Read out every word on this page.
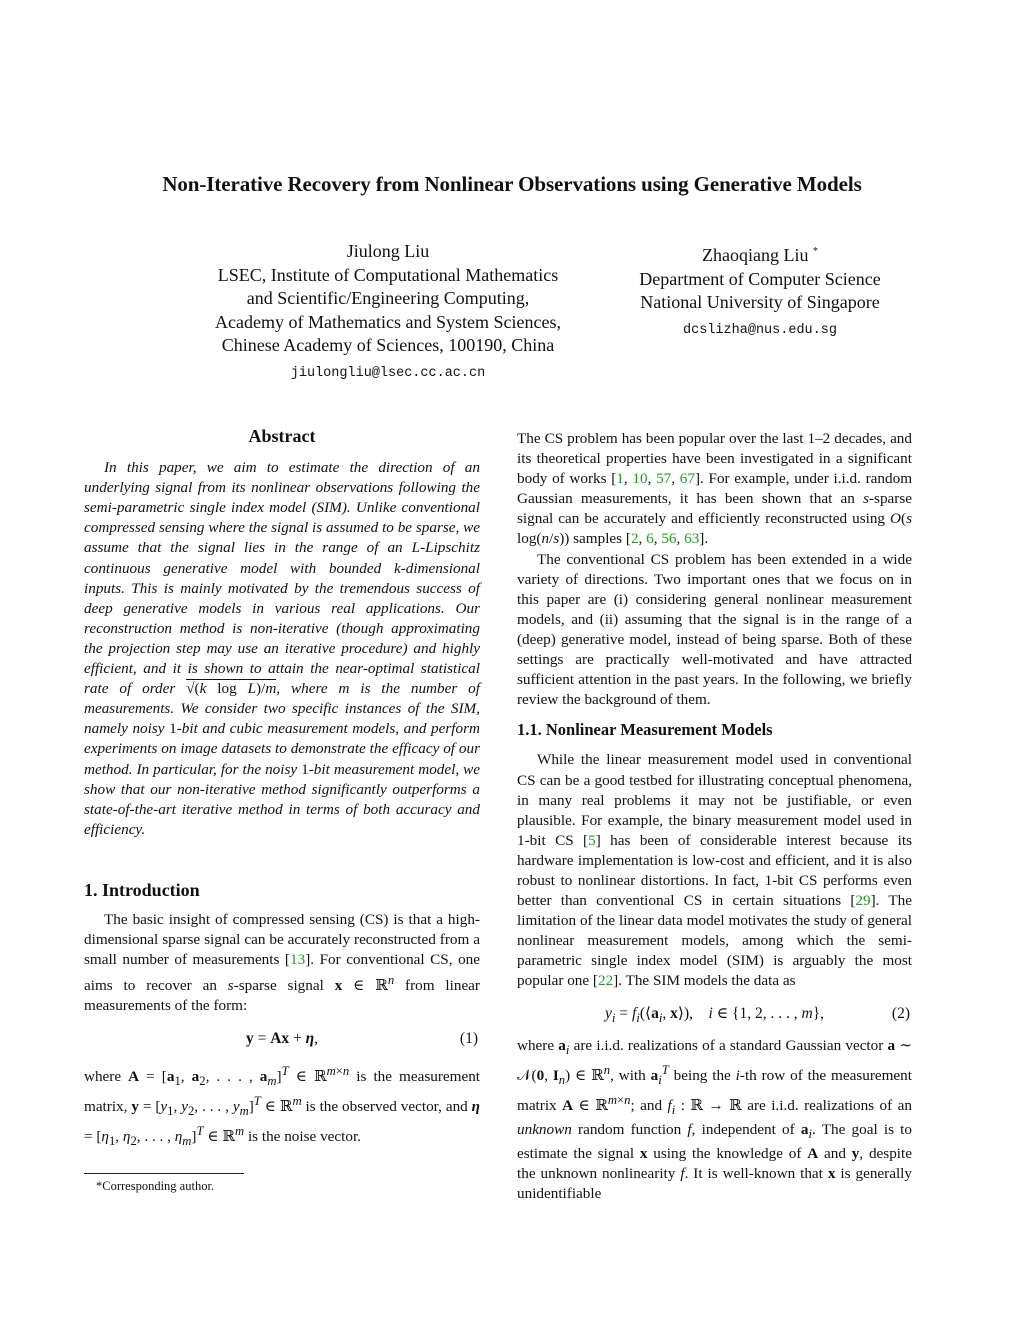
Non-Iterative Recovery from Nonlinear Observations using Generative Models
Jiulong Liu
LSEC, Institute of Computational Mathematics
and Scientific/Engineering Computing,
Academy of Mathematics and System Sciences,
Chinese Academy of Sciences, 100190, China
jiulongliu@lsec.cc.ac.cn
Zhaoqiang Liu *
Department of Computer Science
National University of Singapore
dcslizha@nus.edu.sg
Abstract

In this paper, we aim to estimate the direction of an underlying signal from its nonlinear observations following the semi-parametric single index model (SIM). Unlike conventional compressed sensing where the signal is assumed to be sparse, we assume that the signal lies in the range of an L-Lipschitz continuous generative model with bounded k-dimensional inputs. This is mainly motivated by the tremendous success of deep generative models in various real applications. Our reconstruction method is non-iterative (though approximating the projection step may use an iterative procedure) and highly efficient, and it is shown to attain the near-optimal statistical rate of order √(k log L)/m, where m is the number of measurements. We consider two specific instances of the SIM, namely noisy 1-bit and cubic measurement models, and perform experiments on image datasets to demonstrate the efficacy of our method. In particular, for the noisy 1-bit measurement model, we show that our non-iterative method significantly outperforms a state-of-the-art iterative method in terms of both accuracy and efficiency.

1. Introduction

The basic insight of compressed sensing (CS) is that a high-dimensional sparse signal can be accurately reconstructed from a small number of measurements [13]. For conventional CS, one aims to recover an s-sparse signal x ∈ ℝ$^n$ from linear measurements of the form:

y = Ax + η,	(1)

where $A = [a_1$, $a_2$, . . . , $a_m]^T$ ∈ ℝ$^{m\times n}$ is the measurement matrix, $y = [y_1$, $y_2$, . . . , $y_m]^T$ ∈ ℝ$^m$ is the observed vector, and $\eta = [\eta_1$, $\eta_2$, . . . , $\eta_m]^T$ ∈ ℝ$^m$ is the noise vector.

*Corresponding author.

The CS problem has been popular over the last 1–2 decades, and its theoretical properties have been investigated in a significant body of works [1, 10, 57, 67]. For example, under i.i.d. random Gaussian measurements, it has been shown that an s-sparse signal can be accurately and efficiently reconstructed using O(s log(n/s)) samples [2, 6, 56, 63].

The conventional CS problem has been extended in a wide variety of directions. Two important ones that we focus on in this paper are (i) considering general nonlinear measurement models, and (ii) assuming that the signal is in the range of a (deep) generative model, instead of being sparse. Both of these settings are practically well-motivated and have attracted sufficient attention in the past years. In the following, we briefly review the background of them.

1.1. Nonlinear Measurement Models

While the linear measurement model used in conventional CS can be a good testbed for illustrating conceptual phenomena, in many real problems it may not be justifiable, or even plausible. For example, the binary measurement model used in 1-bit CS [5] has been of considerable interest because its hardware implementation is low-cost and efficient, and it is also robust to nonlinear distortions. In fact, 1-bit CS performs even better than conventional CS in certain situations [29]. The limitation of the linear data model motivates the study of general nonlinear measurement models, among which the semi-parametric single index model (SIM) is arguably the most popular one [22]. The SIM models the data as

$y_i$ = $f_i(⟨a_i$, x⟩),    i ∈ {1, 2, . . . , m},	(2)

where $a_i$ are i.i.d. realizations of a standard Gaussian vector a ∼ 𝒩(0, $I_n$) ∈ ℝ$^n$, with $a_i^T$ being the i-th row of the measurement matrix A ∈ ℝ$^{m\times n}$; and $f_i$ : ℝ → ℝ are i.i.d. realizations of an unknown random function f, independent of $a_i$. The goal is to estimate the signal x using the knowledge of A and y, despite the unknown nonlinearity f. It is well-known that x is generally unidentifiable
